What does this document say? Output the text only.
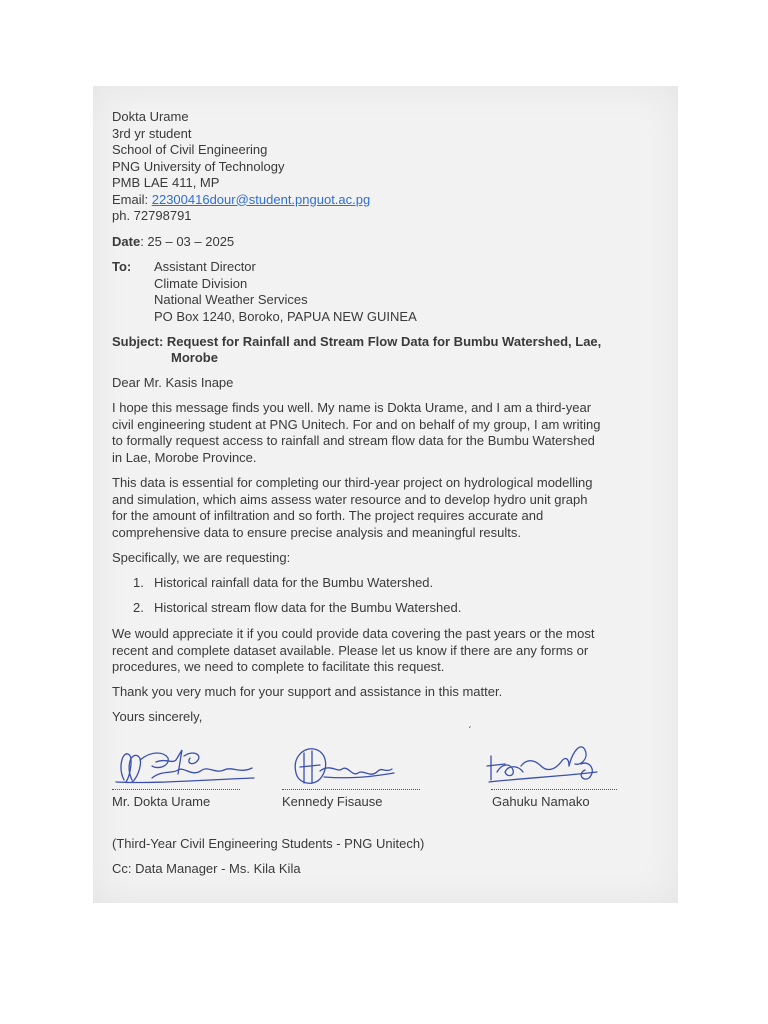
Dokta Urame
3rd yr student
School of Civil Engineering
PNG University of Technology
PMB LAE 411, MP
Email: 22300416dour@student.pnguot.ac.pg
ph. 72798791
Date: 25 – 03 – 2025
To: Assistant Director
Climate Division
National Weather Services
PO Box 1240, Boroko, PAPUA NEW GUINEA
Subject: Request for Rainfall and Stream Flow Data for Bumbu Watershed, Lae,
Morobe
Dear Mr. Kasis Inape
I hope this message finds you well. My name is Dokta Urame, and I am a third-year
civil engineering student at PNG Unitech. For and on behalf of my group, I am writing
to formally request access to rainfall and stream flow data for the Bumbu Watershed
in Lae, Morobe Province.
This data is essential for completing our third-year project on hydrological modelling
and simulation, which aims assess water resource and to develop hydro unit graph
for the amount of infiltration and so forth. The project requires accurate and
comprehensive data to ensure precise analysis and meaningful results.
Specifically, we are requesting:
1. Historical rainfall data for the Bumbu Watershed.
2. Historical stream flow data for the Bumbu Watershed.
We would appreciate it if you could provide data covering the past years or the most
recent and complete dataset available. Please let us know if there are any forms or
procedures, we need to complete to facilitate this request.
Thank you very much for your support and assistance in this matter.
Yours sincerely,	ˏ
Mr. Dokta Urame	Kennedy Fisause	Gahuku Namako
(Third-Year Civil Engineering Students - PNG Unitech)
Cc: Data Manager - Ms. Kila Kila
